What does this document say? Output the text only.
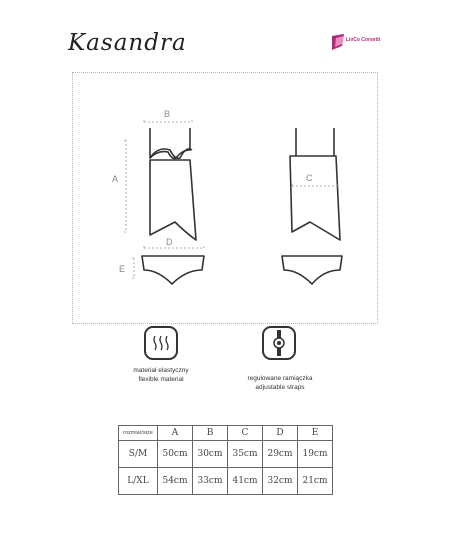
Kasandra	LivCo Corsetti
A
B
C
D
E
materiał elastyczny
flexible material	regulowane ramiączka
adjustable straps
rozmiar/size	A	B	C	D	E
S/M	50cm	30cm	35cm	29cm	19cm
L/XL	54cm	33cm	41cm	32cm	21cm
